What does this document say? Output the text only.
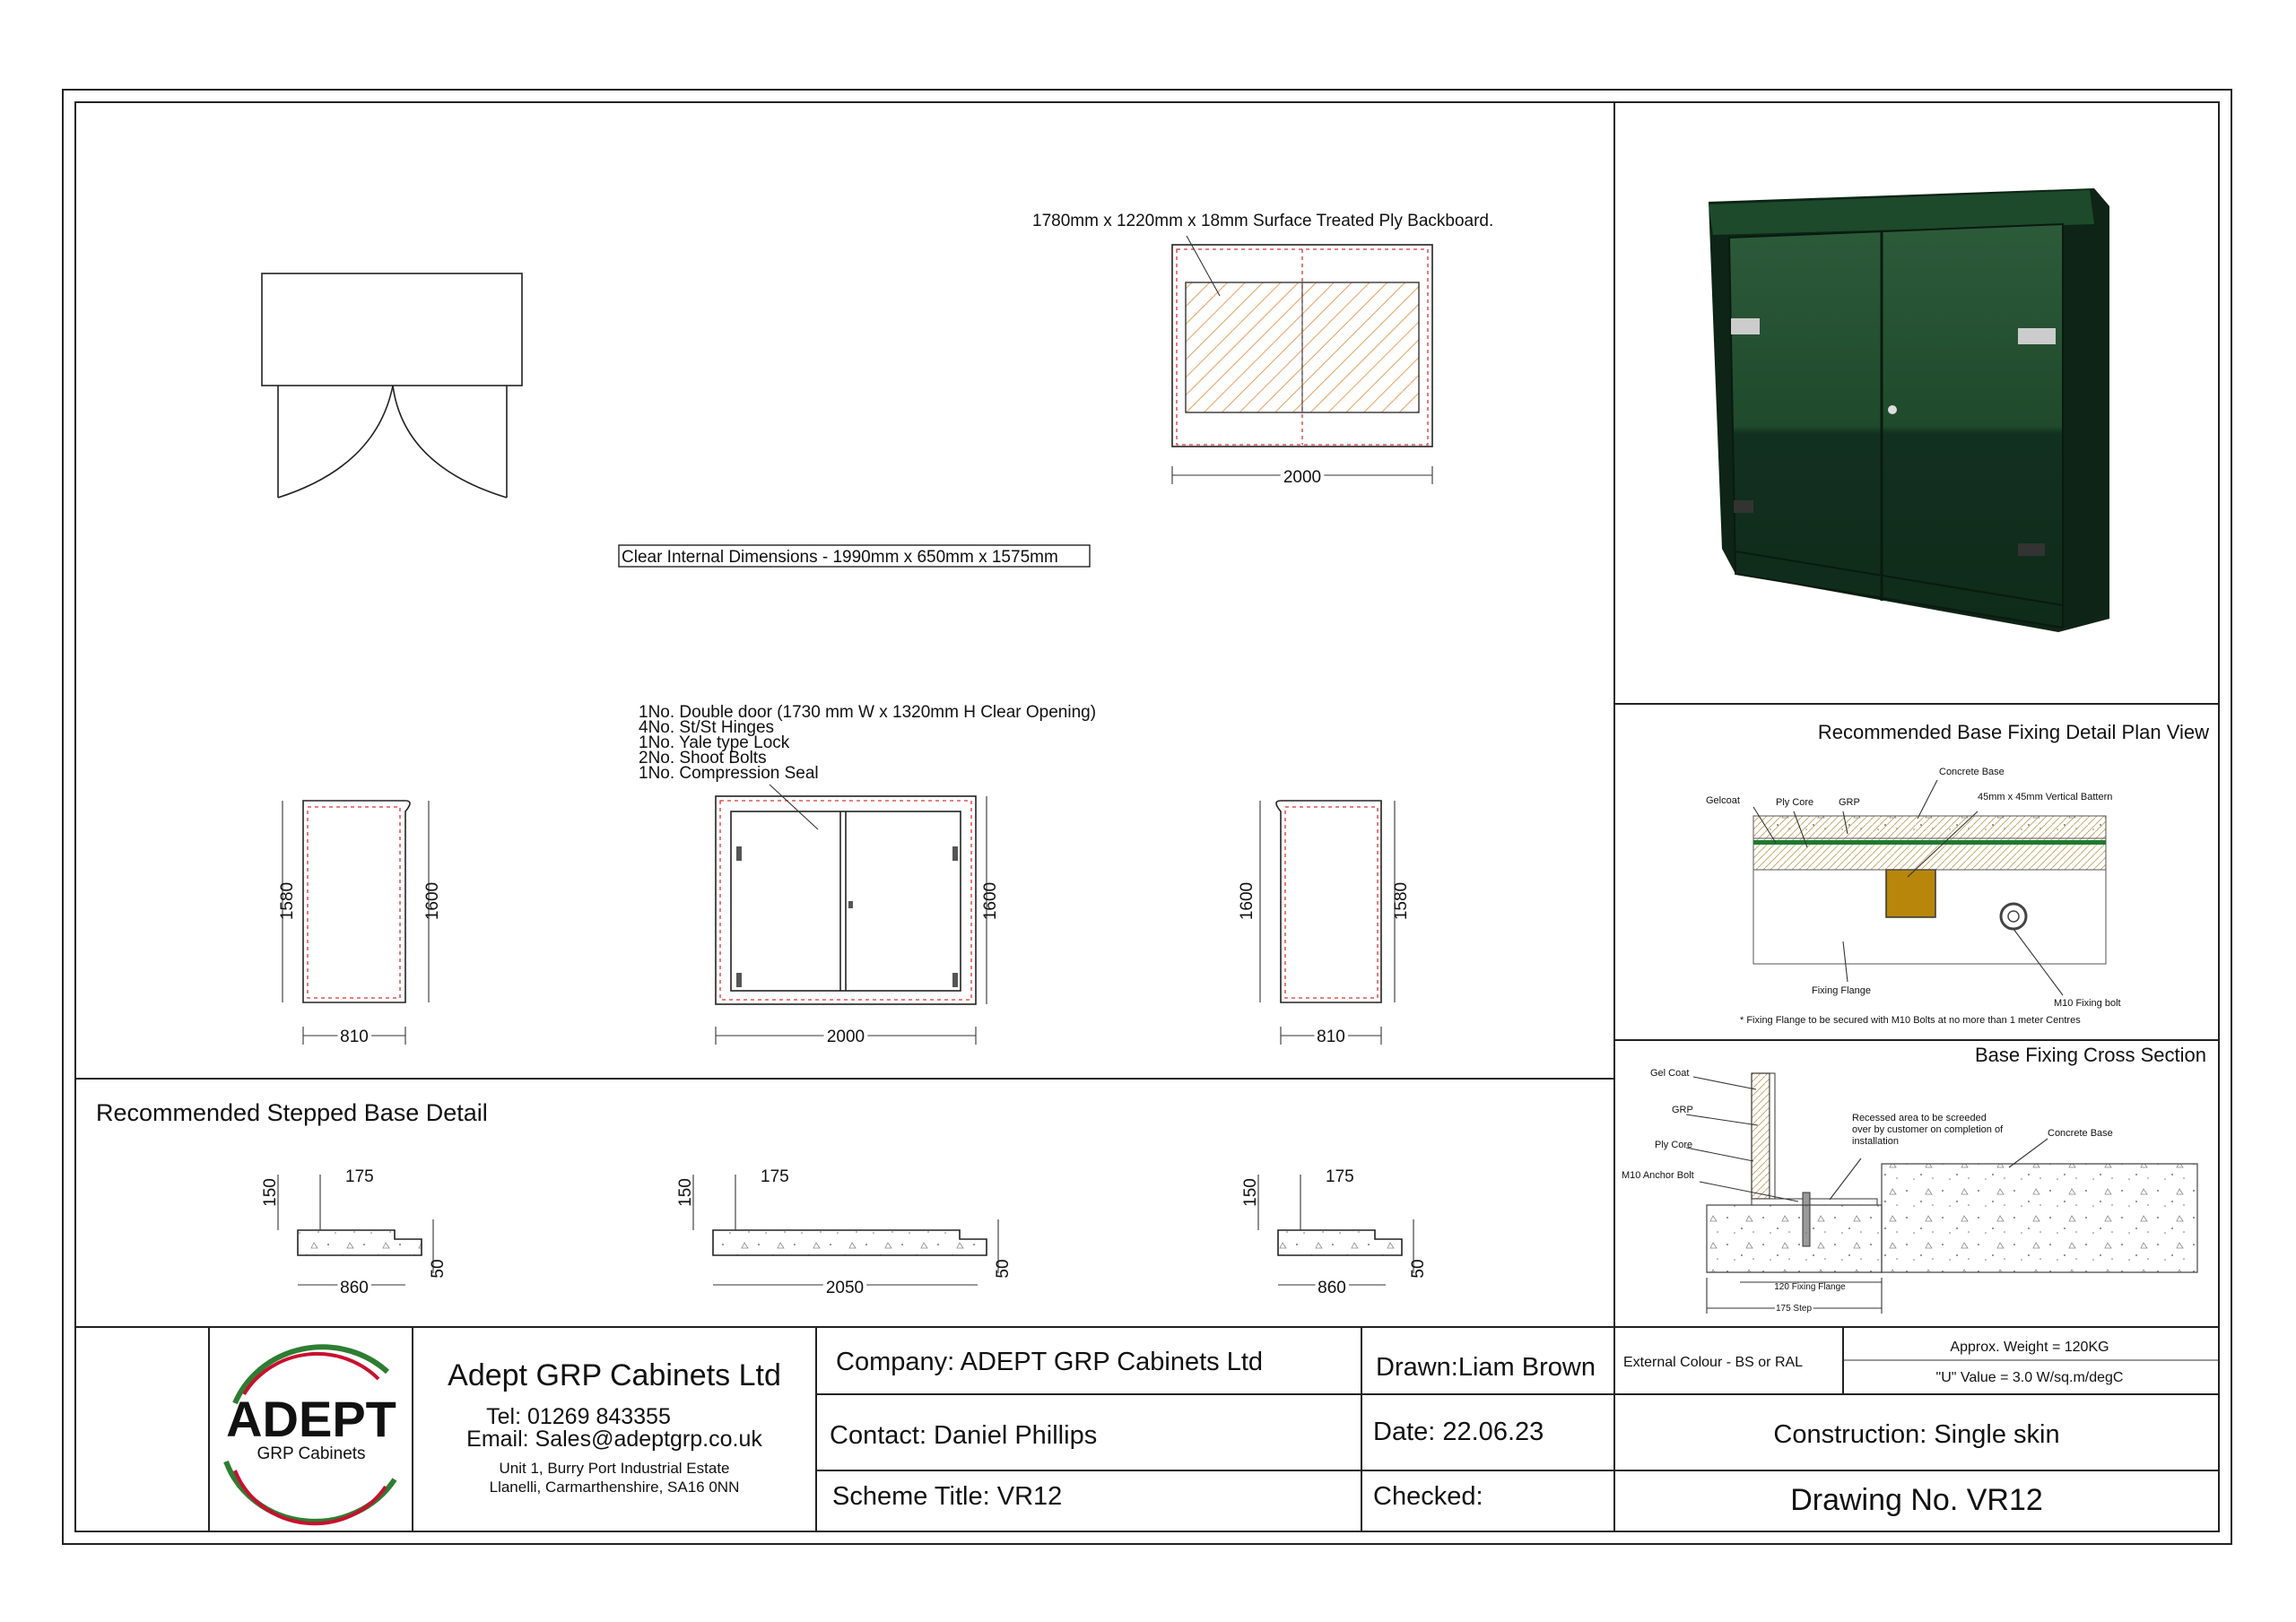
1780mm x 1220mm x 18mm Surface Treated Ply Backboard.
2000
Clear Internal Dimensions - 1990mm x 650mm x 1575mm
1No. Double door (1730 mm W x 1320mm H Clear Opening)
4No. St/St Hinges
1No. Yale type Lock
2No. Shoot Bolts
1No. Compression Seal
1580	1600
810
1600
2000
1600	1580
810
Recommended Stepped Base Detail
150
175
50
860
150
175
50
2050
150
175
50
860
Recommended Base Fixing Detail Plan View
Concrete Base
45mm x 45mm Vertical Battern
Gelcoat	Ply Core	GRP
Fixing Flange
M10 Fixing bolt
* Fixing Flange to be secured with M10 Bolts at no more than 1 meter Centres
Base Fixing Cross Section
Gel Coat
GRP
Ply Core
M10 Anchor Bolt
Recessed area to be screeded
over by customer on completion of
installation
Concrete Base
120 Fixing Flange
175 Step
ADEPT
GRP Cabinets
Adept GRP Cabinets Ltd
Tel: 01269 843355
Email: Sales@adeptgrp.co.uk
Unit 1, Burry Port Industrial Estate
Llanelli, Carmarthenshire, SA16 0NN
Company: ADEPT GRP Cabinets Ltd
Contact: Daniel Phillips
Scheme Title: VR12
Drawn:Liam Brown
Date: 22.06.23
Checked:
External Colour - BS or RAL
Approx. Weight = 120KG
"U" Value = 3.0 W/sq.m/degC
Construction: Single skin
Drawing No. VR12
